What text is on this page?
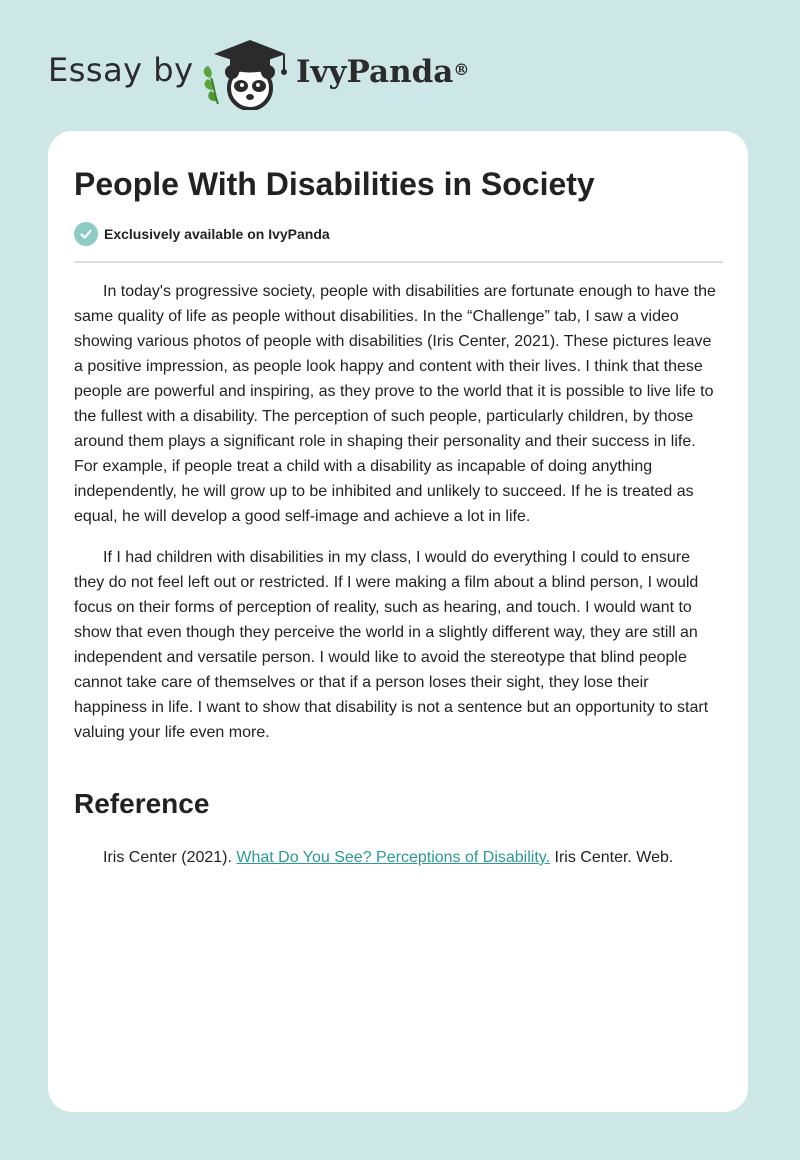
Essay by	IvyPanda®
People With Disabilities in Society
Exclusively available on IvyPanda

In today's progressive society, people with disabilities are fortunate enough to have the same quality of life as people without disabilities. In the “Challenge” tab, I saw a video showing various photos of people with disabilities (Iris Center, 2021). These pictures leave a positive impression, as people look happy and content with their lives. I think that these people are powerful and inspiring, as they prove to the world that it is possible to live life to the fullest with a disability. The perception of such people, particularly children, by those around them plays a significant role in shaping their personality and their success in life. For example, if people treat a child with a disability as incapable of doing anything independently, he will grow up to be inhibited and unlikely to succeed. If he is treated as equal, he will develop a good self-image and achieve a lot in life.

If I had children with disabilities in my class, I would do everything I could to ensure they do not feel left out or restricted. If I were making a film about a blind person, I would focus on their forms of perception of reality, such as hearing, and touch. I would want to show that even though they perceive the world in a slightly different way, they are still an independent and versatile person. I would like to avoid the stereotype that blind people cannot take care of themselves or that if a person loses their sight, they lose their happiness in life. I want to show that disability is not a sentence but an opportunity to start valuing your life even more.

Reference
Iris Center (2021). What Do You See? Perceptions of Disability. Iris Center. Web.
